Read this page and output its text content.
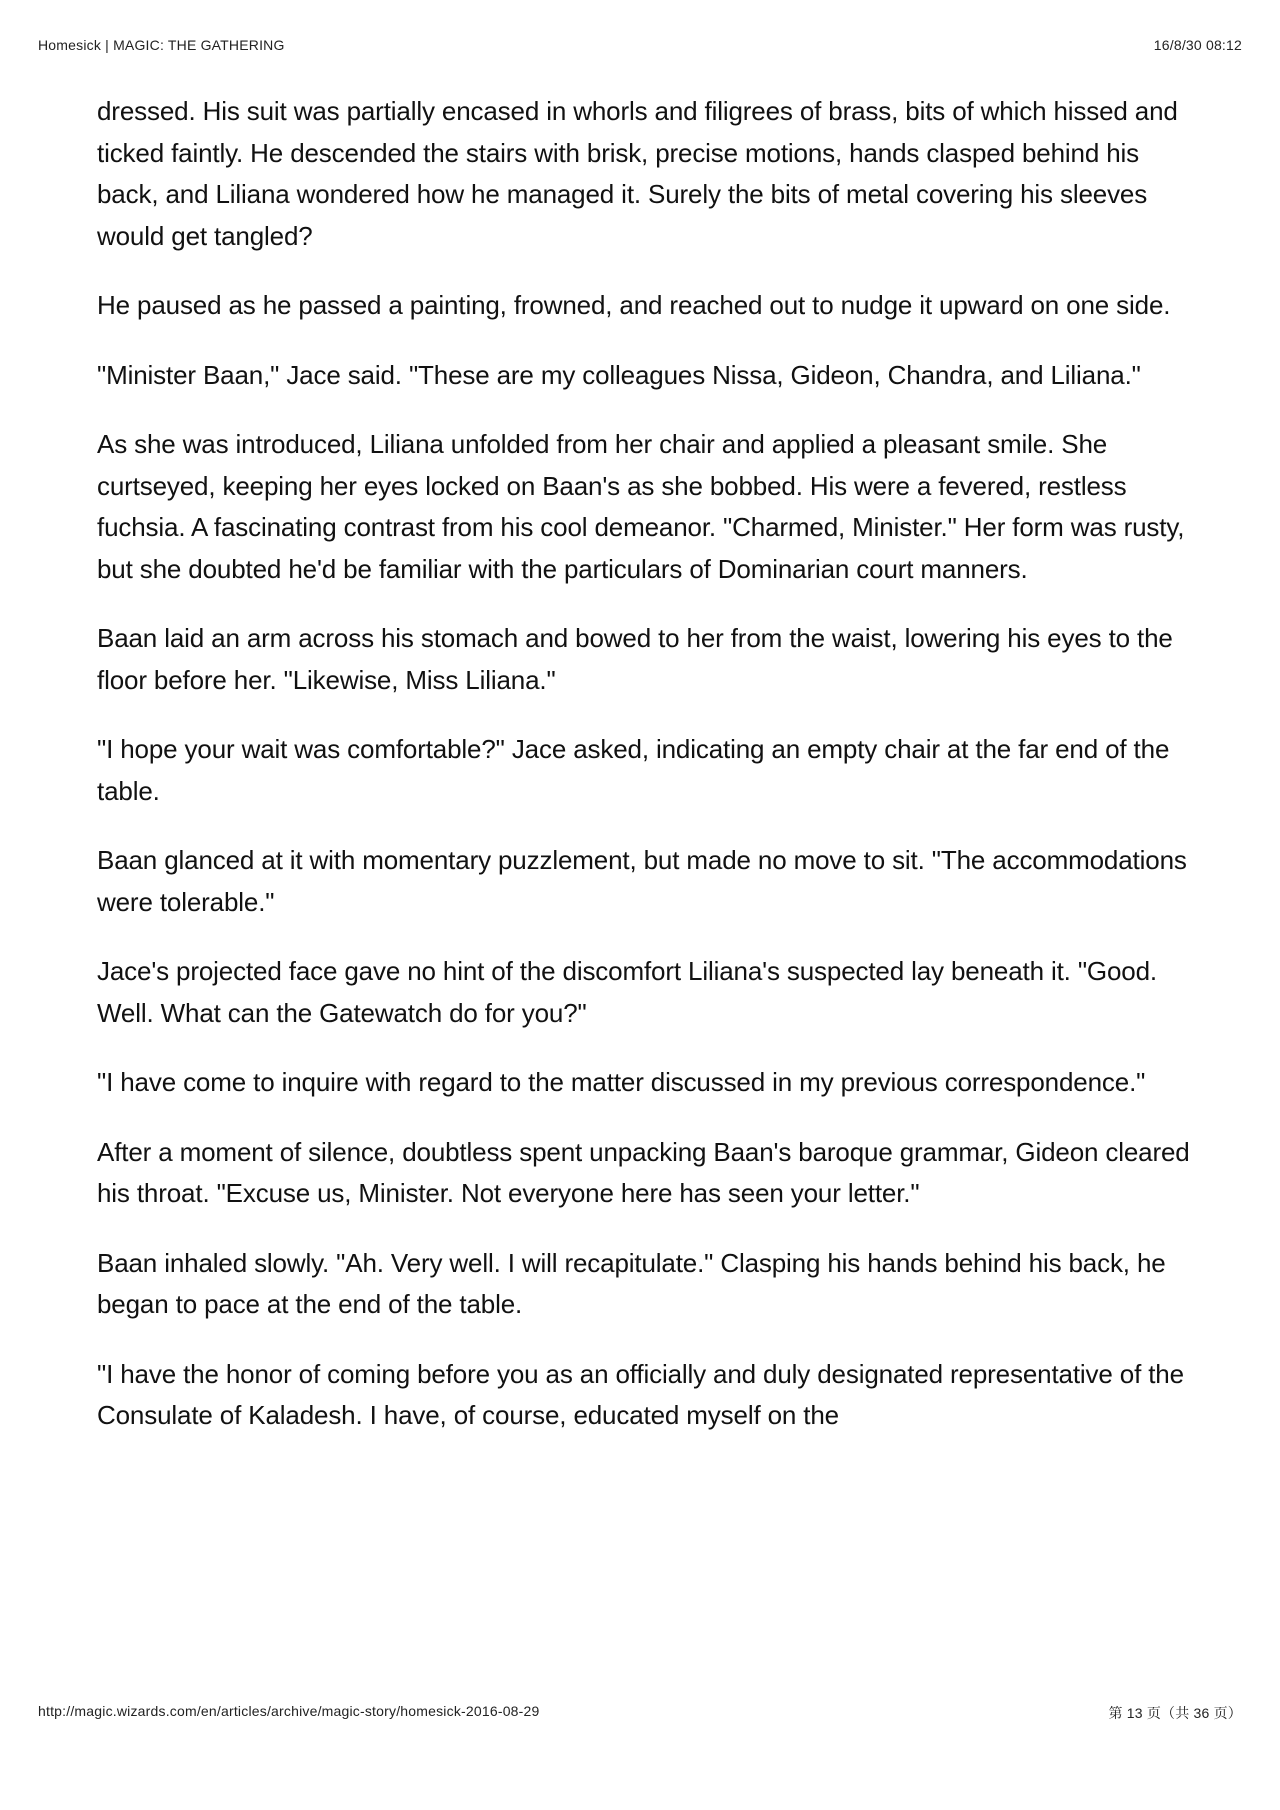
Homesick | MAGIC: THE GATHERING	16/8/30 08:12

dressed. His suit was partially encased in whorls and filigrees of brass, bits of which hissed and ticked faintly. He descended the stairs with brisk, precise motions, hands clasped behind his back, and Liliana wondered how he managed it. Surely the bits of metal covering his sleeves would get tangled?

He paused as he passed a painting, frowned, and reached out to nudge it upward on one side.

"Minister Baan," Jace said. "These are my colleagues Nissa, Gideon, Chandra, and Liliana."

As she was introduced, Liliana unfolded from her chair and applied a pleasant smile. She curtseyed, keeping her eyes locked on Baan's as she bobbed. His were a fevered, restless fuchsia. A fascinating contrast from his cool demeanor. "Charmed, Minister." Her form was rusty, but she doubted he'd be familiar with the particulars of Dominarian court manners.

Baan laid an arm across his stomach and bowed to her from the waist, lowering his eyes to the floor before her. "Likewise, Miss Liliana."

"I hope your wait was comfortable?" Jace asked, indicating an empty chair at the far end of the table.

Baan glanced at it with momentary puzzlement, but made no move to sit. "The accommodations were tolerable."

Jace's projected face gave no hint of the discomfort Liliana's suspected lay beneath it. "Good. Well. What can the Gatewatch do for you?"

"I have come to inquire with regard to the matter discussed in my previous correspondence."

After a moment of silence, doubtless spent unpacking Baan's baroque grammar, Gideon cleared his throat. "Excuse us, Minister. Not everyone here has seen your letter."

Baan inhaled slowly. "Ah. Very well. I will recapitulate." Clasping his hands behind his back, he began to pace at the end of the table.

"I have the honor of coming before you as an officially and duly designated representative of the Consulate of Kaladesh. I have, of course, educated myself on the

http://magic.wizards.com/en/articles/archive/magic-story/homesick-2016-08-29	第 13 页（共 36 页）
